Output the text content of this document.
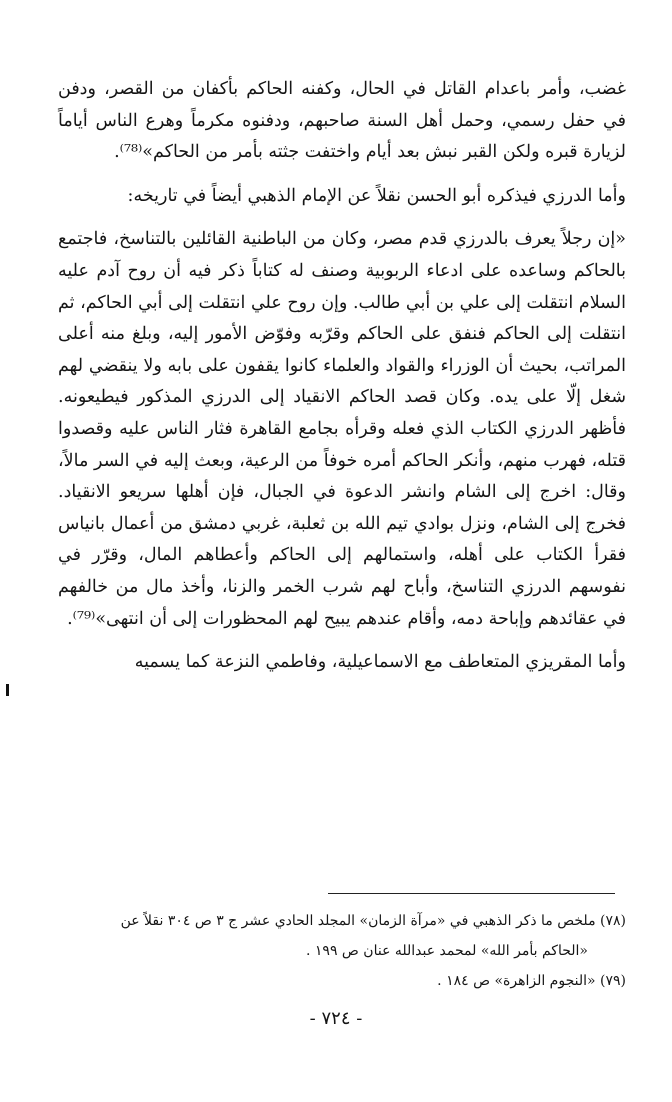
غضب، وأمر باعدام القاتل في الحال، وكفنه الحاكم بأكفان من القصر، ودفن في حفل رسمي، وحمل أهل السنة صاحبهم، ودفنوه مكرماً وهرع الناس أياماً لزيارة قبره ولكن القبر نبش بعد أيام واختفت جثته بأمر من الحاكم»⁽⁷⁸⁾.

وأما الدرزي فيذكره أبو الحسن نقلاً عن الإمام الذهبي أيضاً في تاريخه:

«إن رجلاً يعرف بالدرزي قدم مصر، وكان من الباطنية القائلين بالتناسخ، فاجتمع بالحاكم وساعده على ادعاء الربوبية وصنف له كتاباً ذكر فيه أن روح آدم عليه السلام انتقلت إلى علي بن أبي طالب. وإن روح علي انتقلت إلى أبي الحاكم، ثم انتقلت إلى الحاكم فنفق على الحاكم وقرّبه وفوّض الأمور إليه، وبلغ منه أعلى المراتب، بحيث أن الوزراء والقواد والعلماء كانوا يقفون على بابه ولا ينقضي لهم شغل إلّا على يده. وكان قصد الحاكم الانقياد إلى الدرزي المذكور فيطيعونه. فأظهر الدرزي الكتاب الذي فعله وقرأه بجامع القاهرة فثار الناس عليه وقصدوا قتله، فهرب منهم، وأنكر الحاكم أمره خوفاً من الرعية، وبعث إليه في السر مالاً، وقال: اخرج إلى الشام وانشر الدعوة في الجبال، فإن أهلها سريعو الانقياد. فخرج إلى الشام، ونزل بوادي تيم الله بن ثعلبة، غربي دمشق من أعمال بانياس فقرأ الكتاب على أهله، واستمالهم إلى الحاكم وأعطاهم المال، وقرّر في نفوسهم الدرزي التناسخ، وأباح لهم شرب الخمر والزنا، وأخذ مال من خالفهم في عقائدهم وإباحة دمه، وأقام عندهم يبيح لهم المحظورات إلى أن انتهى»⁽⁷⁹⁾.

وأما المقريزي المتعاطف مع الاسماعيلية، وفاطمي النزعة كما يسميه

(٧٨) ملخص ما ذكر الذهبي في «مرآة الزمان» المجلد الحادي عشر ج ٣ ص ٣٠٤ نقلاً عن

«الحاكم بأمر الله» لمحمد عبدالله عنان ص ١٩٩ .

(٧٩) «النجوم الزاهرة» ص ١٨٤ .

- ٧٢٤ -
